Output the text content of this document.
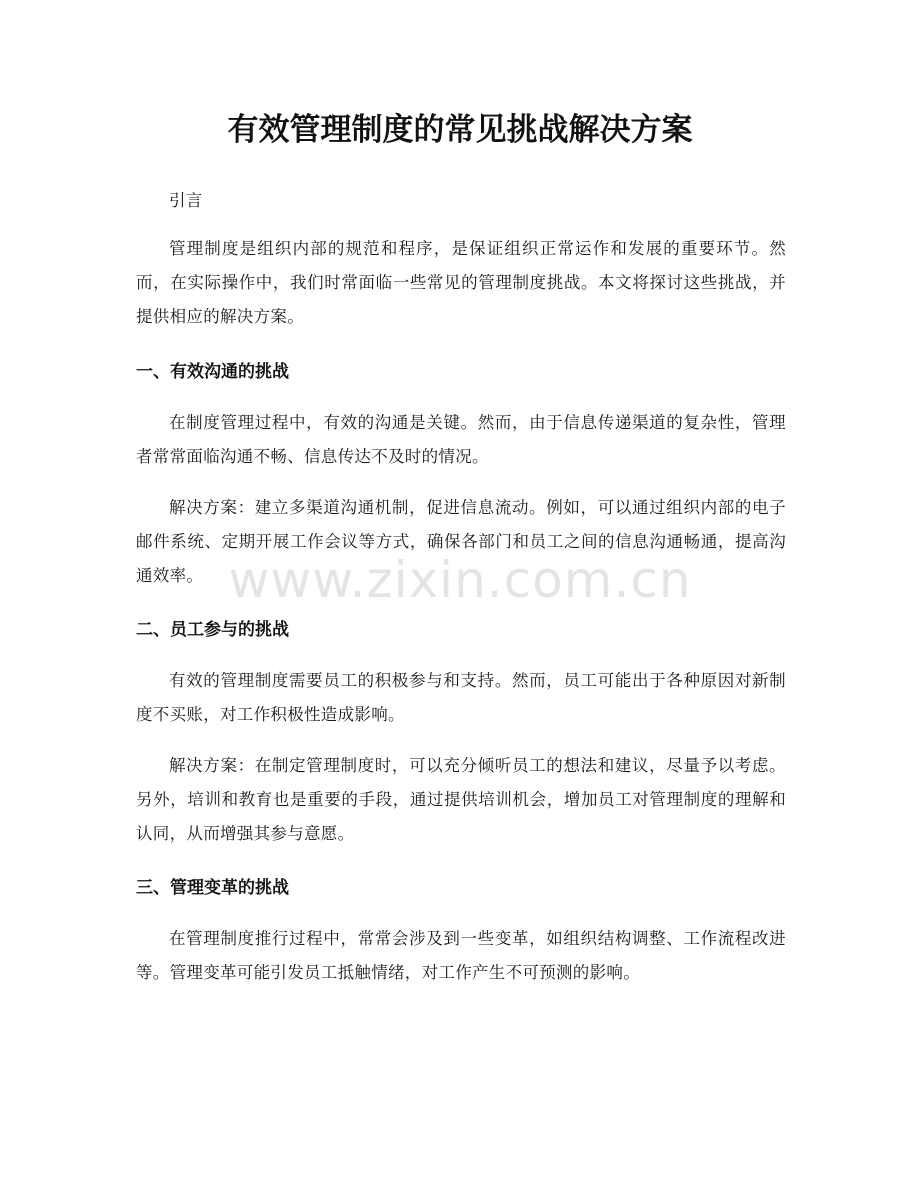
有效管理制度的常见挑战解决方案

引言

管理制度是组织内部的规范和程序，是保证组织正常运作和发展的重要环节。然而，在实际操作中，我们时常面临一些常见的管理制度挑战。本文将探讨这些挑战，并提供相应的解决方案。

一、有效沟通的挑战

在制度管理过程中，有效的沟通是关键。然而，由于信息传递渠道的复杂性，管理者常常面临沟通不畅、信息传达不及时的情况。

解决方案：建立多渠道沟通机制，促进信息流动。例如，可以通过组织内部的电子邮件系统、定期开展工作会议等方式，确保各部门和员工之间的信息沟通畅通，提高沟通效率。

二、员工参与的挑战

有效的管理制度需要员工的积极参与和支持。然而，员工可能出于各种原因对新制度不买账，对工作积极性造成影响。

解决方案：在制定管理制度时，可以充分倾听员工的想法和建议，尽量予以考虑。另外，培训和教育也是重要的手段，通过提供培训机会，增加员工对管理制度的理解和认同，从而增强其参与意愿。

三、管理变革的挑战

在管理制度推行过程中，常常会涉及到一些变革，如组织结构调整、工作流程改进等。管理变革可能引发员工抵触情绪，对工作产生不可预测的影响。

www.zixin.com.cn
